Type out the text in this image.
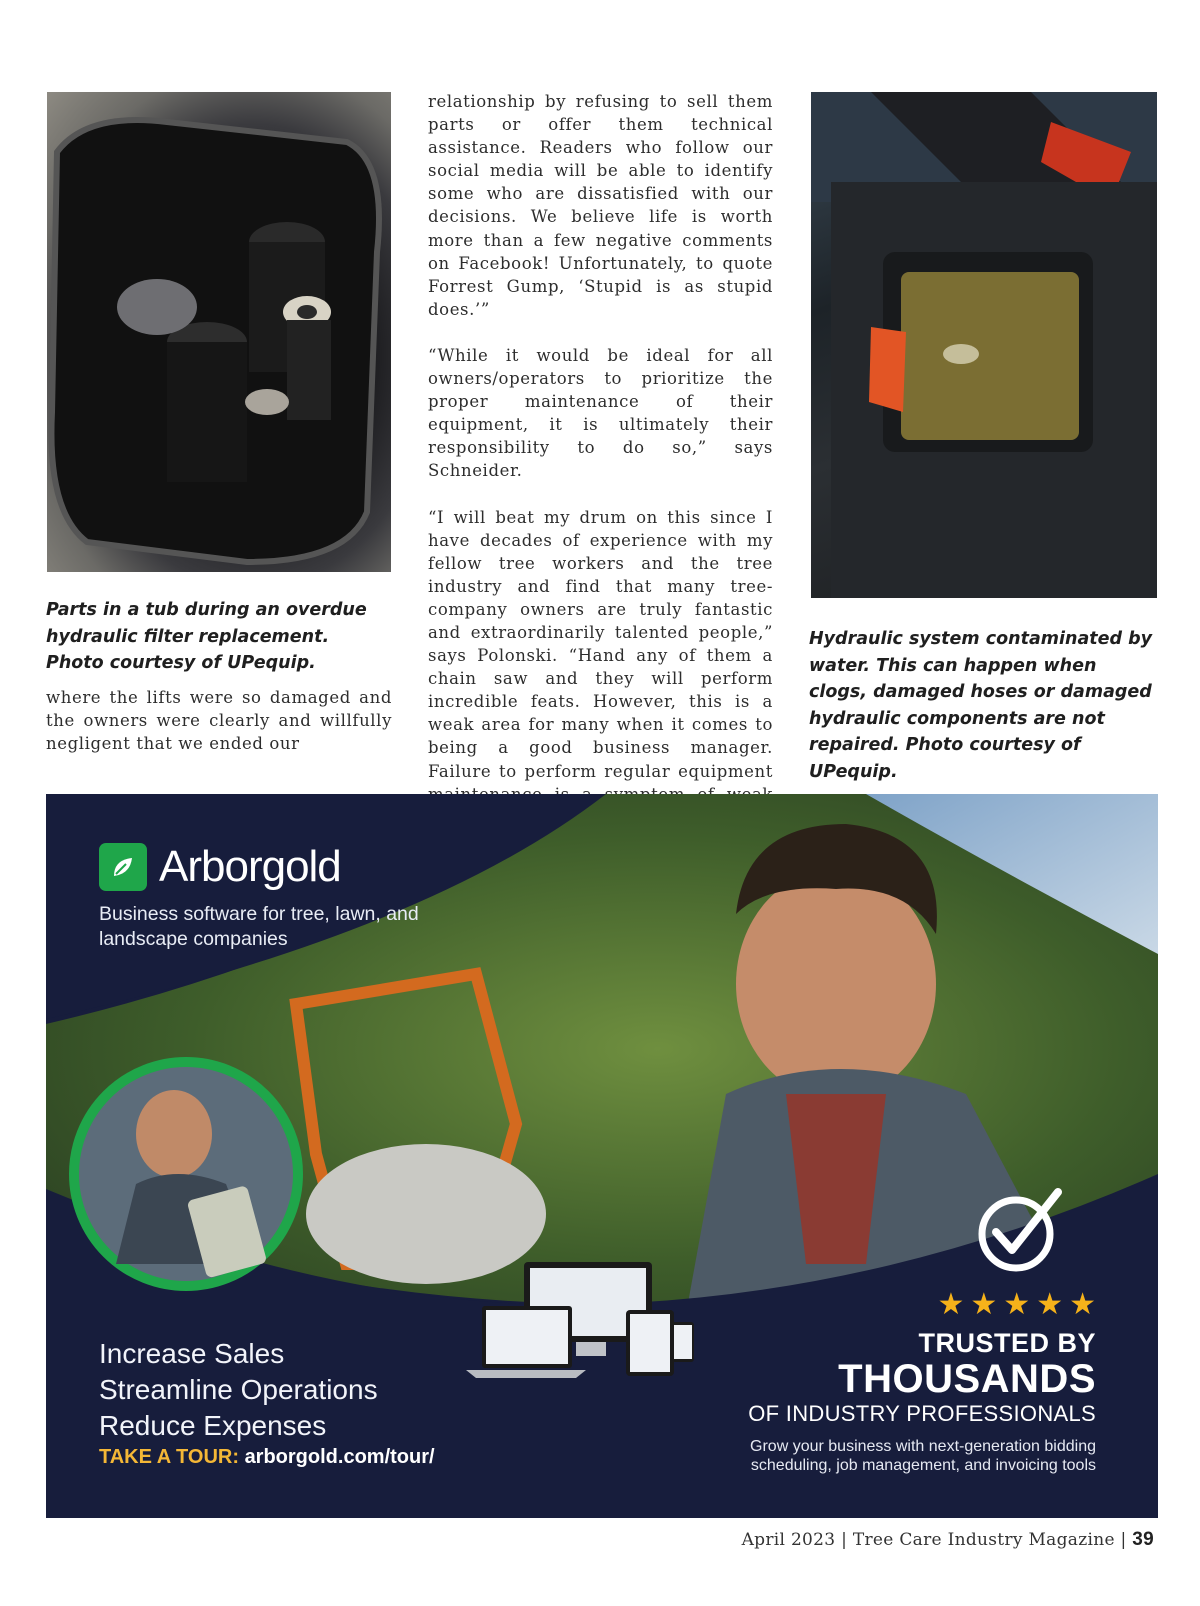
Parts in a tub during an overdue hydraulic filter replacement. Photo courtesy of UPequip.

where the lifts were so damaged and the owners were clearly and willfully negligent that we ended our

relationship by refusing to sell them parts or offer them technical assistance. Readers who follow our social media will be able to identify some who are dissatisfied with our decisions. We believe life is worth more than a few negative comments on Facebook! Unfortunately, to quote Forrest Gump, ‘Stupid is as stupid does.’”

“While it would be ideal for all owners/operators to prioritize the proper maintenance of their equipment, it is ultimately their responsibility to do so,” says Schneider.

“I will beat my drum on this since I have decades of experience with my fellow tree workers and the tree industry and find that many tree-company owners are truly fantastic and extraordinarily talented people,” says Polonski. “Hand any of them a chain saw and they will perform incredible feats. However, this is a weak area for many when it comes to being a good business manager. Failure to perform regular equipment

Hydraulic system contaminated by water. This can happen when clogs, damaged hoses or damaged hydraulic components are not repaired. Photo courtesy of UPequip.
Arborgold
Business software for tree, lawn, and landscape companies
Increase Sales
Streamline Operations
Reduce Expenses
TAKE A TOUR: arborgold.com/tour/
★ ★ ★ ★ ★
TRUSTED BY
THOUSANDS
OF INDUSTRY PROFESSIONALS
Grow your business with next-generation bidding scheduling, job management, and invoicing tools
April 2023 | Tree Care Industry Magazine | 39
